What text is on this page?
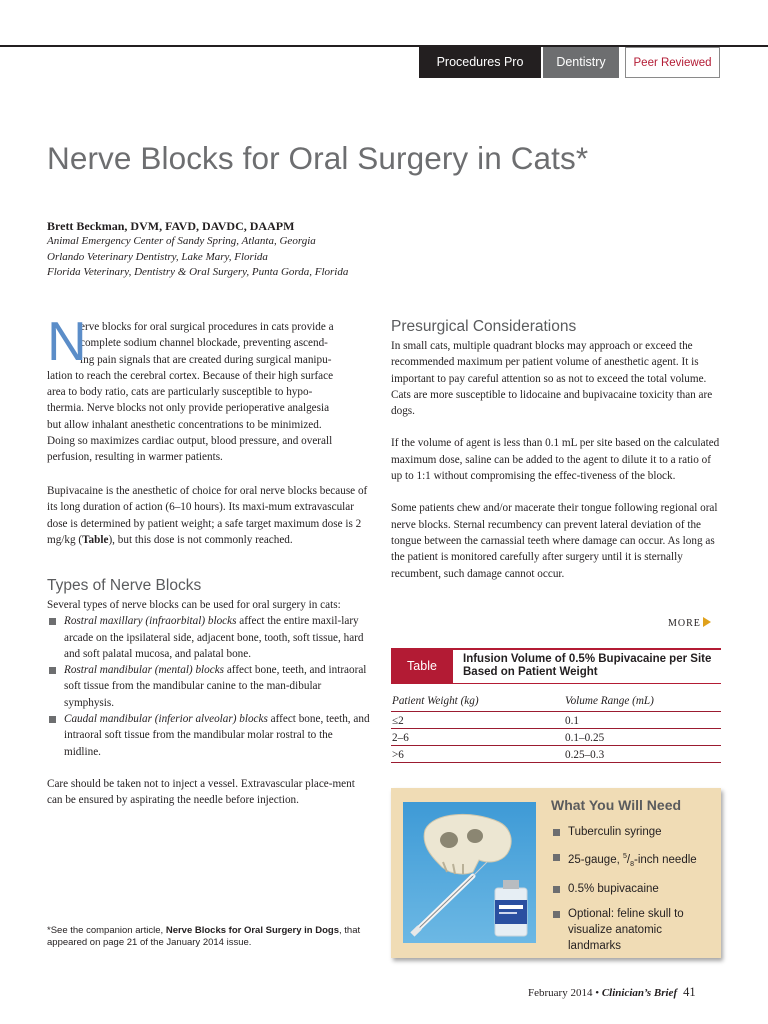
Procedures Pro	Dentistry	Peer Reviewed
Nerve Blocks for Oral Surgery in Cats*
Brett Beckman, DVM, FAVD, DAVDC, DAAPM
Animal Emergency Center of Sandy Spring, Atlanta, Georgia
Orlando Veterinary Dentistry, Lake Mary, Florida
Florida Veterinary, Dentistry & Oral Surgery, Punta Gorda, Florida
N
erve blocks for oral surgical procedures in cats provide a
complete sodium channel blockade, preventing ascend-
ing pain signals that are created during surgical manipu-
lation to reach the cerebral cortex. Because of their high surface
area to body ratio, cats are particularly susceptible to hypo-
thermia. Nerve blocks not only provide perioperative analgesia
but allow inhalant anesthetic concentrations to be minimized.
Doing so maximizes cardiac output, blood pressure, and overall
perfusion, resulting in warmer patients.

Bupivacaine is the anesthetic of choice for oral nerve blocks because of its long duration of action (6–10 hours). Its maxi-mum extravascular dose is determined by patient weight; a safe target maximum dose is 2 mg/kg (Table), but this dose is not commonly reached.

Types of Nerve Blocks

Several types of nerve blocks can be used for oral surgery in cats:

Rostral maxillary (infraorbital) blocks affect the entire maxil-lary arcade on the ipsilateral side, adjacent bone, tooth, soft tissue, hard and soft palatal mucosa, and palatal bone.
Rostral mandibular (mental) blocks affect bone, teeth, and intraoral soft tissue from the mandibular canine to the man-dibular symphysis.
Caudal mandibular (inferior alveolar) blocks affect bone, teeth, and intraoral soft tissue from the mandibular molar rostral to the midline.

Care should be taken not to inject a vessel. Extravascular place-ment can be ensured by aspirating the needle before injection.

Presurgical Considerations

In small cats, multiple quadrant blocks may approach or exceed the recommended maximum per patient volume of anesthetic agent. It is important to pay careful attention so as not to exceed the total volume. Cats are more susceptible to lidocaine and bupivacaine toxicity than are dogs.

If the volume of agent is less than 0.1 mL per site based on the calculated maximum dose, saline can be added to the agent to dilute it to a ratio of up to 1:1 without compromising the effec-tiveness of the block.

Some patients chew and/or macerate their tongue following regional oral nerve blocks. Sternal recumbency can prevent lateral deviation of the tongue between the carnassial teeth where damage can occur. As long as the patient is monitored carefully after surgery until it is sternally recumbent, such damage cannot occur.

MORE
Table	Infusion Volume of 0.5% Bupivacaine per Site Based on Patient Weight
Patient Weight (kg)	Volume Range (mL)
≤2	0.1
2–6	0.1–0.25
>6	0.25–0.3
What You Will Need
Tuberculin syringe
25-gauge, $^5/_8$-inch needle
0.5% bupivacaine
Optional: feline skull to visualize anatomic landmarks
*See the companion article, Nerve Blocks for Oral Surgery in Dogs, that appeared on page 21 of the January 2014 issue.
February 2014 • Clinician’s Brief 41
